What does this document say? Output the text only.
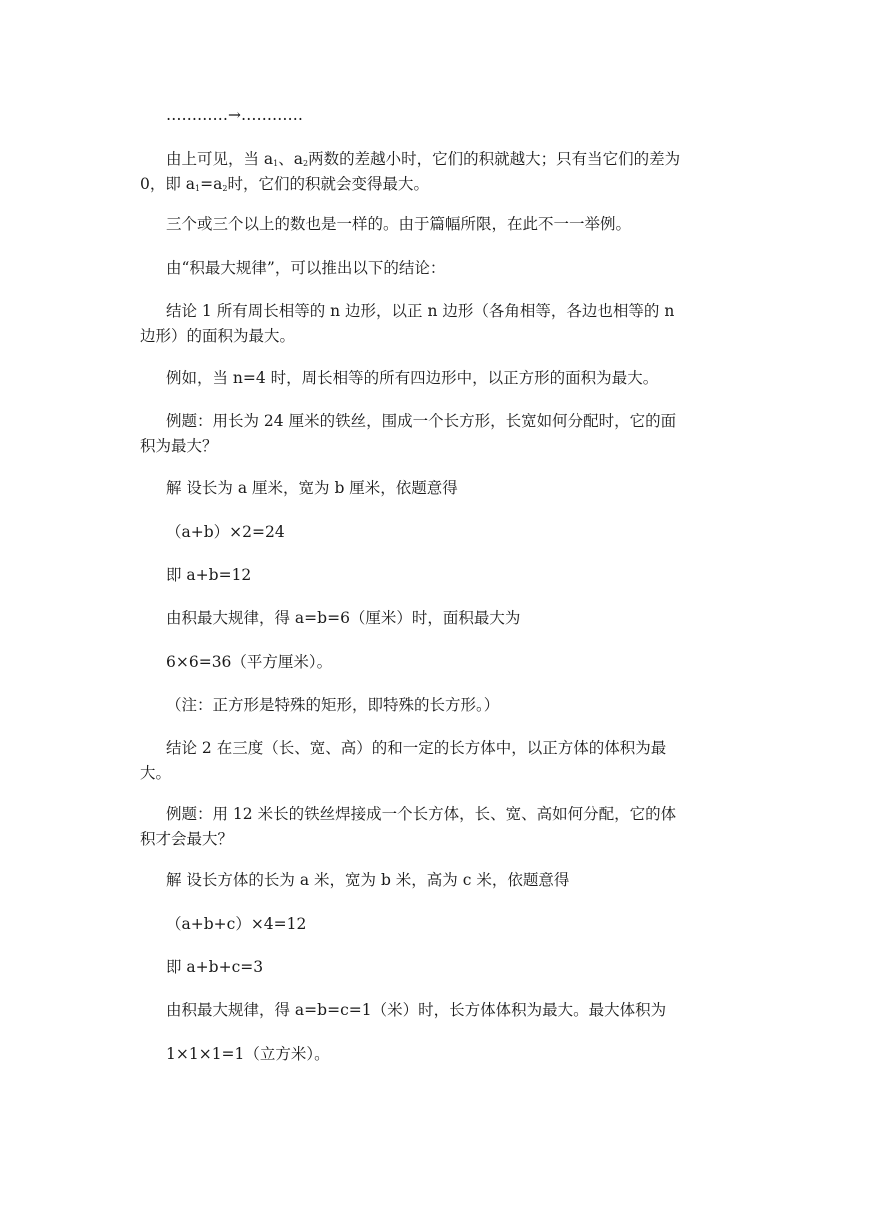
…………→…………

由上可见，当 $a_1$、$a_2$两数的差越小时，它们的积就越大；只有当它们的差为
0，即 $a_1=a_2$时，它们的积就会变得最大。

三个或三个以上的数也是一样的。由于篇幅所限，在此不一一举例。

由“积最大规律”，可以推出以下的结论：

结论 1 所有周长相等的 n 边形，以正 n 边形（各角相等，各边也相等的 n
边形）的面积为最大。

例如，当 n=4 时，周长相等的所有四边形中，以正方形的面积为最大。

例题：用长为 24 厘米的铁丝，围成一个长方形，长宽如何分配时，它的面
积为最大？

解 设长为 a 厘米，宽为 b 厘米，依题意得

（a+b）×2=24

即 a+b=12

由积最大规律，得 a=b=6（厘米）时，面积最大为

6×6=36（平方厘米）。

（注：正方形是特殊的矩形，即特殊的长方形。）

结论 2 在三度（长、宽、高）的和一定的长方体中，以正方体的体积为最
大。

例题：用 12 米长的铁丝焊接成一个长方体，长、宽、高如何分配，它的体
积才会最大？

解 设长方体的长为 a 米，宽为 b 米，高为 c 米，依题意得

（a+b+c）×4=12

即 a+b+c=3

由积最大规律，得 a=b=c=1（米）时，长方体体积为最大。最大体积为

1×1×1=1（立方米）。
